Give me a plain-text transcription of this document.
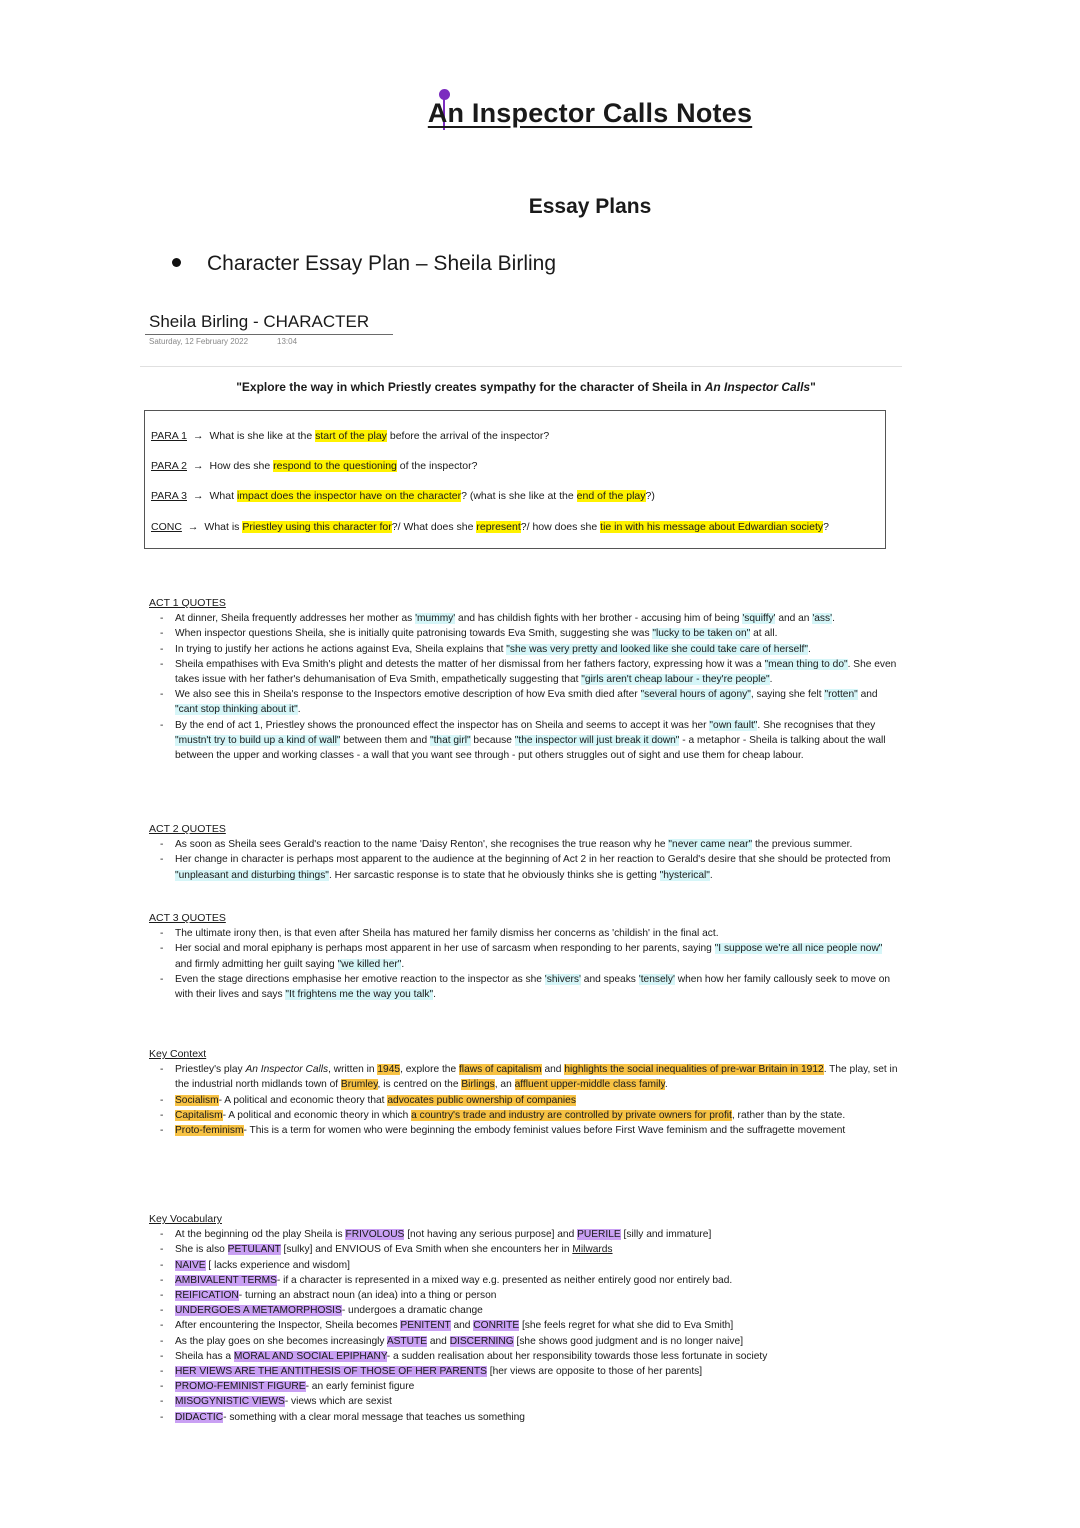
An Inspector Calls Notes
Essay Plans
Character Essay Plan – Sheila Birling
Sheila Birling - CHARACTER
Saturday, 12 February 2022	13:04
"Explore the way in which Priestly creates sympathy for the character of Sheila in An Inspector Calls"
PARA 1 → What is she like at the start of the play before the arrival of the inspector?
PARA 2 → How des she respond to the questioning of the inspector?
PARA 3 → What impact does the inspector have on the character? (what is she like at the end of the play?)
CONC → What is Priestley using this character for?/ What does she represent?/ how does she tie in with his message about Edwardian society?
ACT 1 QUOTES
- At dinner, Sheila frequently addresses her mother as 'mummy' and has childish fights with her brother - accusing him of being 'squiffy' and an 'ass'.
- When inspector questions Sheila, she is initially quite patronising towards Eva Smith, suggesting she was "lucky to be taken on" at all.
- In trying to justify her actions he actions against Eva, Sheila explains that "she was very pretty and looked like she could take care of herself".
- Sheila empathises with Eva Smith's plight and detests the matter of her dismissal from her fathers factory, expressing how it was a "mean thing to do". She even takes issue with her father's dehumanisation of Eva Smith, empathetically suggesting that "girls aren't cheap labour - they're people".
- We also see this in Sheila's response to the Inspectors emotive description of how Eva smith died after "several hours of agony", saying she felt "rotten" and "cant stop thinking about it".
- By the end of act 1, Priestley shows the pronounced effect the inspector has on Sheila and seems to accept it was her "own fault". She recognises that they "mustn't try to build up a kind of wall" between them and "that girl" because "the inspector will just break it down" - a metaphor - Sheila is talking about the wall between the upper and working classes - a wall that you want see through - put others struggles out of sight and use them for cheap labour.
ACT 2 QUOTES
- As soon as Sheila sees Gerald's reaction to the name 'Daisy Renton', she recognises the true reason why he "never came near" the previous summer.
- Her change in character is perhaps most apparent to the audience at the beginning of Act 2 in her reaction to Gerald's desire that she should be protected from "unpleasant and disturbing things". Her sarcastic response is to state that he obviously thinks she is getting "hysterical".
ACT 3 QUOTES
- The ultimate irony then, is that even after Sheila has matured her family dismiss her concerns as 'childish' in the final act.
- Her social and moral epiphany is perhaps most apparent in her use of sarcasm when responding to her parents, saying "I suppose we're all nice people now" and firmly admitting her guilt saying "we killed her".
- Even the stage directions emphasise her emotive reaction to the inspector as she 'shivers' and speaks 'tensely' when how her family callously seek to move on with their lives and says "It frightens me the way you talk".
Key Context
- Priestley's play An Inspector Calls, written in 1945, explore the flaws of capitalism and highlights the social inequalities of pre-war Britain in 1912. The play, set in the industrial north midlands town of Brumley, is centred on the Birlings, an affluent upper-middle class family.
- Socialism- A political and economic theory that advocates public ownership of companies
- Capitalism- A political and economic theory in which a country's trade and industry are controlled by private owners for profit, rather than by the state.
- Proto-feminism- This is a term for women who were beginning the embody feminist values before First Wave feminism and the suffragette movement
Key Vocabulary
- At the beginning od the play Sheila is FRIVOLOUS [not having any serious purpose] and PUERILE [silly and immature]
- She is also PETULANT [sulky] and ENVIOUS of Eva Smith when she encounters her in Milwards
- NAIVE [ lacks experience and wisdom]
- AMBIVALENT TERMS- if a character is represented in a mixed way e.g. presented as neither entirely good nor entirely bad.
- REIFICATION- turning an abstract noun (an idea) into a thing or person
- UNDERGOES A METAMORPHOSIS- undergoes a dramatic change
- After encountering the Inspector, Sheila becomes PENITENT and CONRITE [she feels regret for what she did to Eva Smith]
- As the play goes on she becomes increasingly ASTUTE and DISCERNING [she shows good judgment and is no longer naive]
- Sheila has a MORAL AND SOCIAL EPIPHANY- a sudden realisation about her responsibility towards those less fortunate in society
- HER VIEWS ARE THE ANTITHESIS OF THOSE OF HER PARENTS [her views are opposite to those of her parents]
- PROMO-FEMINIST FIGURE- an early feminist figure
- MISOGYNISTIC VIEWS- views which are sexist
- DIDACTIC- something with a clear moral message that teaches us something
